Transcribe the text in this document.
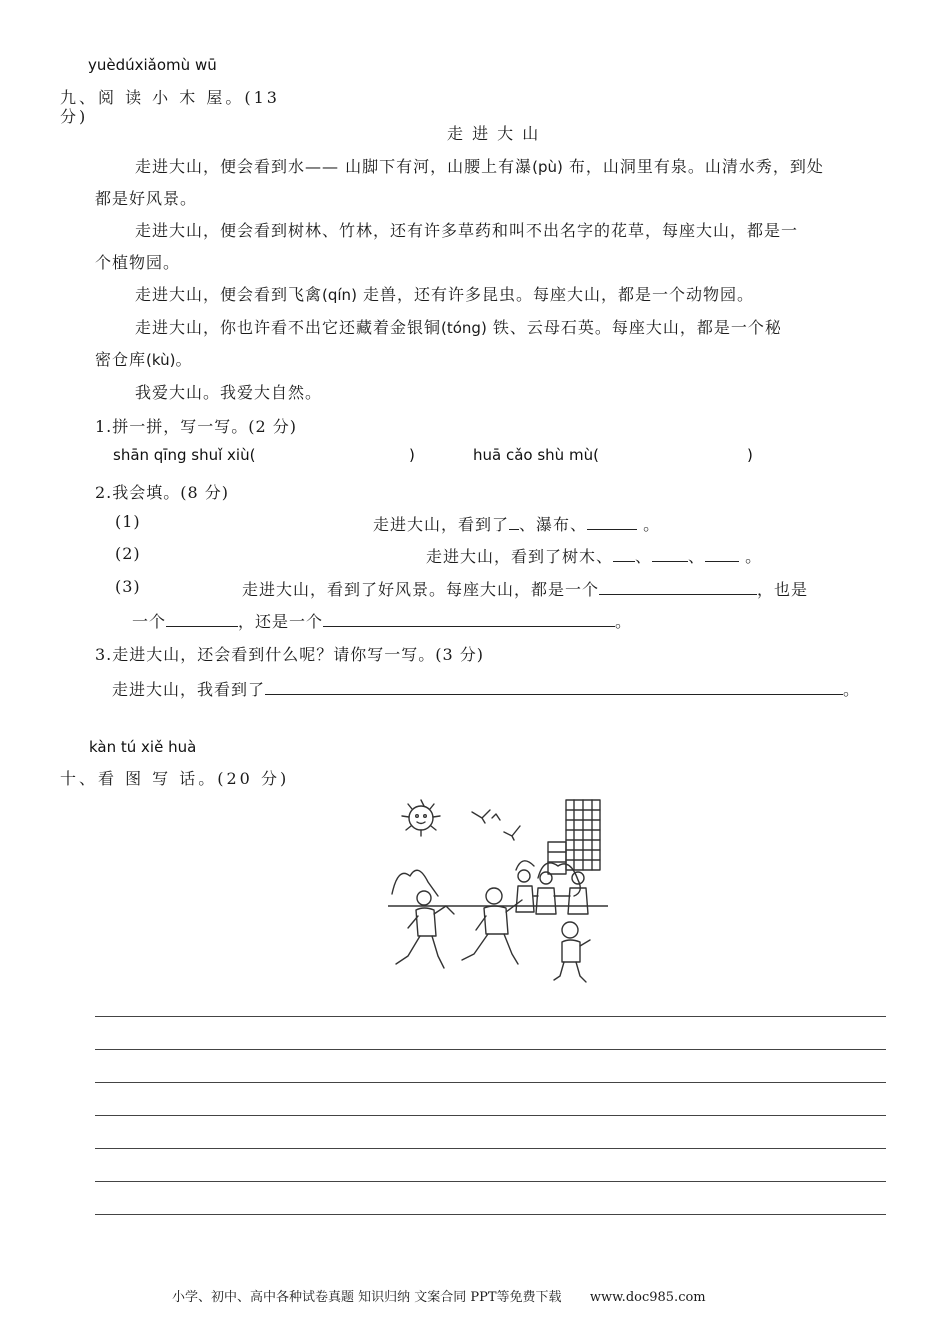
yuèdúxiǎomù wū
九、阅 读 小 木 屋。(13
分)
走 进 大 山
走进大山，便会看到水—— 山脚下有河，山腰上有瀑(pù) 布，山洞里有泉。山清水秀，到处
都是好风景。
走进大山，便会看到树林、竹林，还有许多草药和叫不出名字的花草，每座大山，都是一
个植物园。
走进大山，便会看到飞禽(qín) 走兽，还有许多昆虫。每座大山，都是一个动物园。
走进大山，你也许看不出它还藏着金银铜(tóng) 铁、云母石英。每座大山，都是一个秘
密仓库(kù)。
我爱大山。我爱大自然。
1.拼一拼，写一写。(2 分)
shān qīng shuǐ xiù(	)	huā cǎo shù mù(	)
2.我会填。(8 分)
(1)	走进大山，看到了 、瀑布、	。
(2)	走进大山，看到了树木、 、 、	。
(3)	走进大山，看到了好风景。每座大山，都是一个	，也是
一个	，还是一个	。
3.走进大山，还会看到什么呢？请你写一写。(3 分)
走进大山，我看到了	。
kàn tú xiě huà
十、看 图 写 话。(20 分)
小学、初中、高中各种试卷真题 知识归纳 文案合同 PPT等免费下载 www.doc985.com
